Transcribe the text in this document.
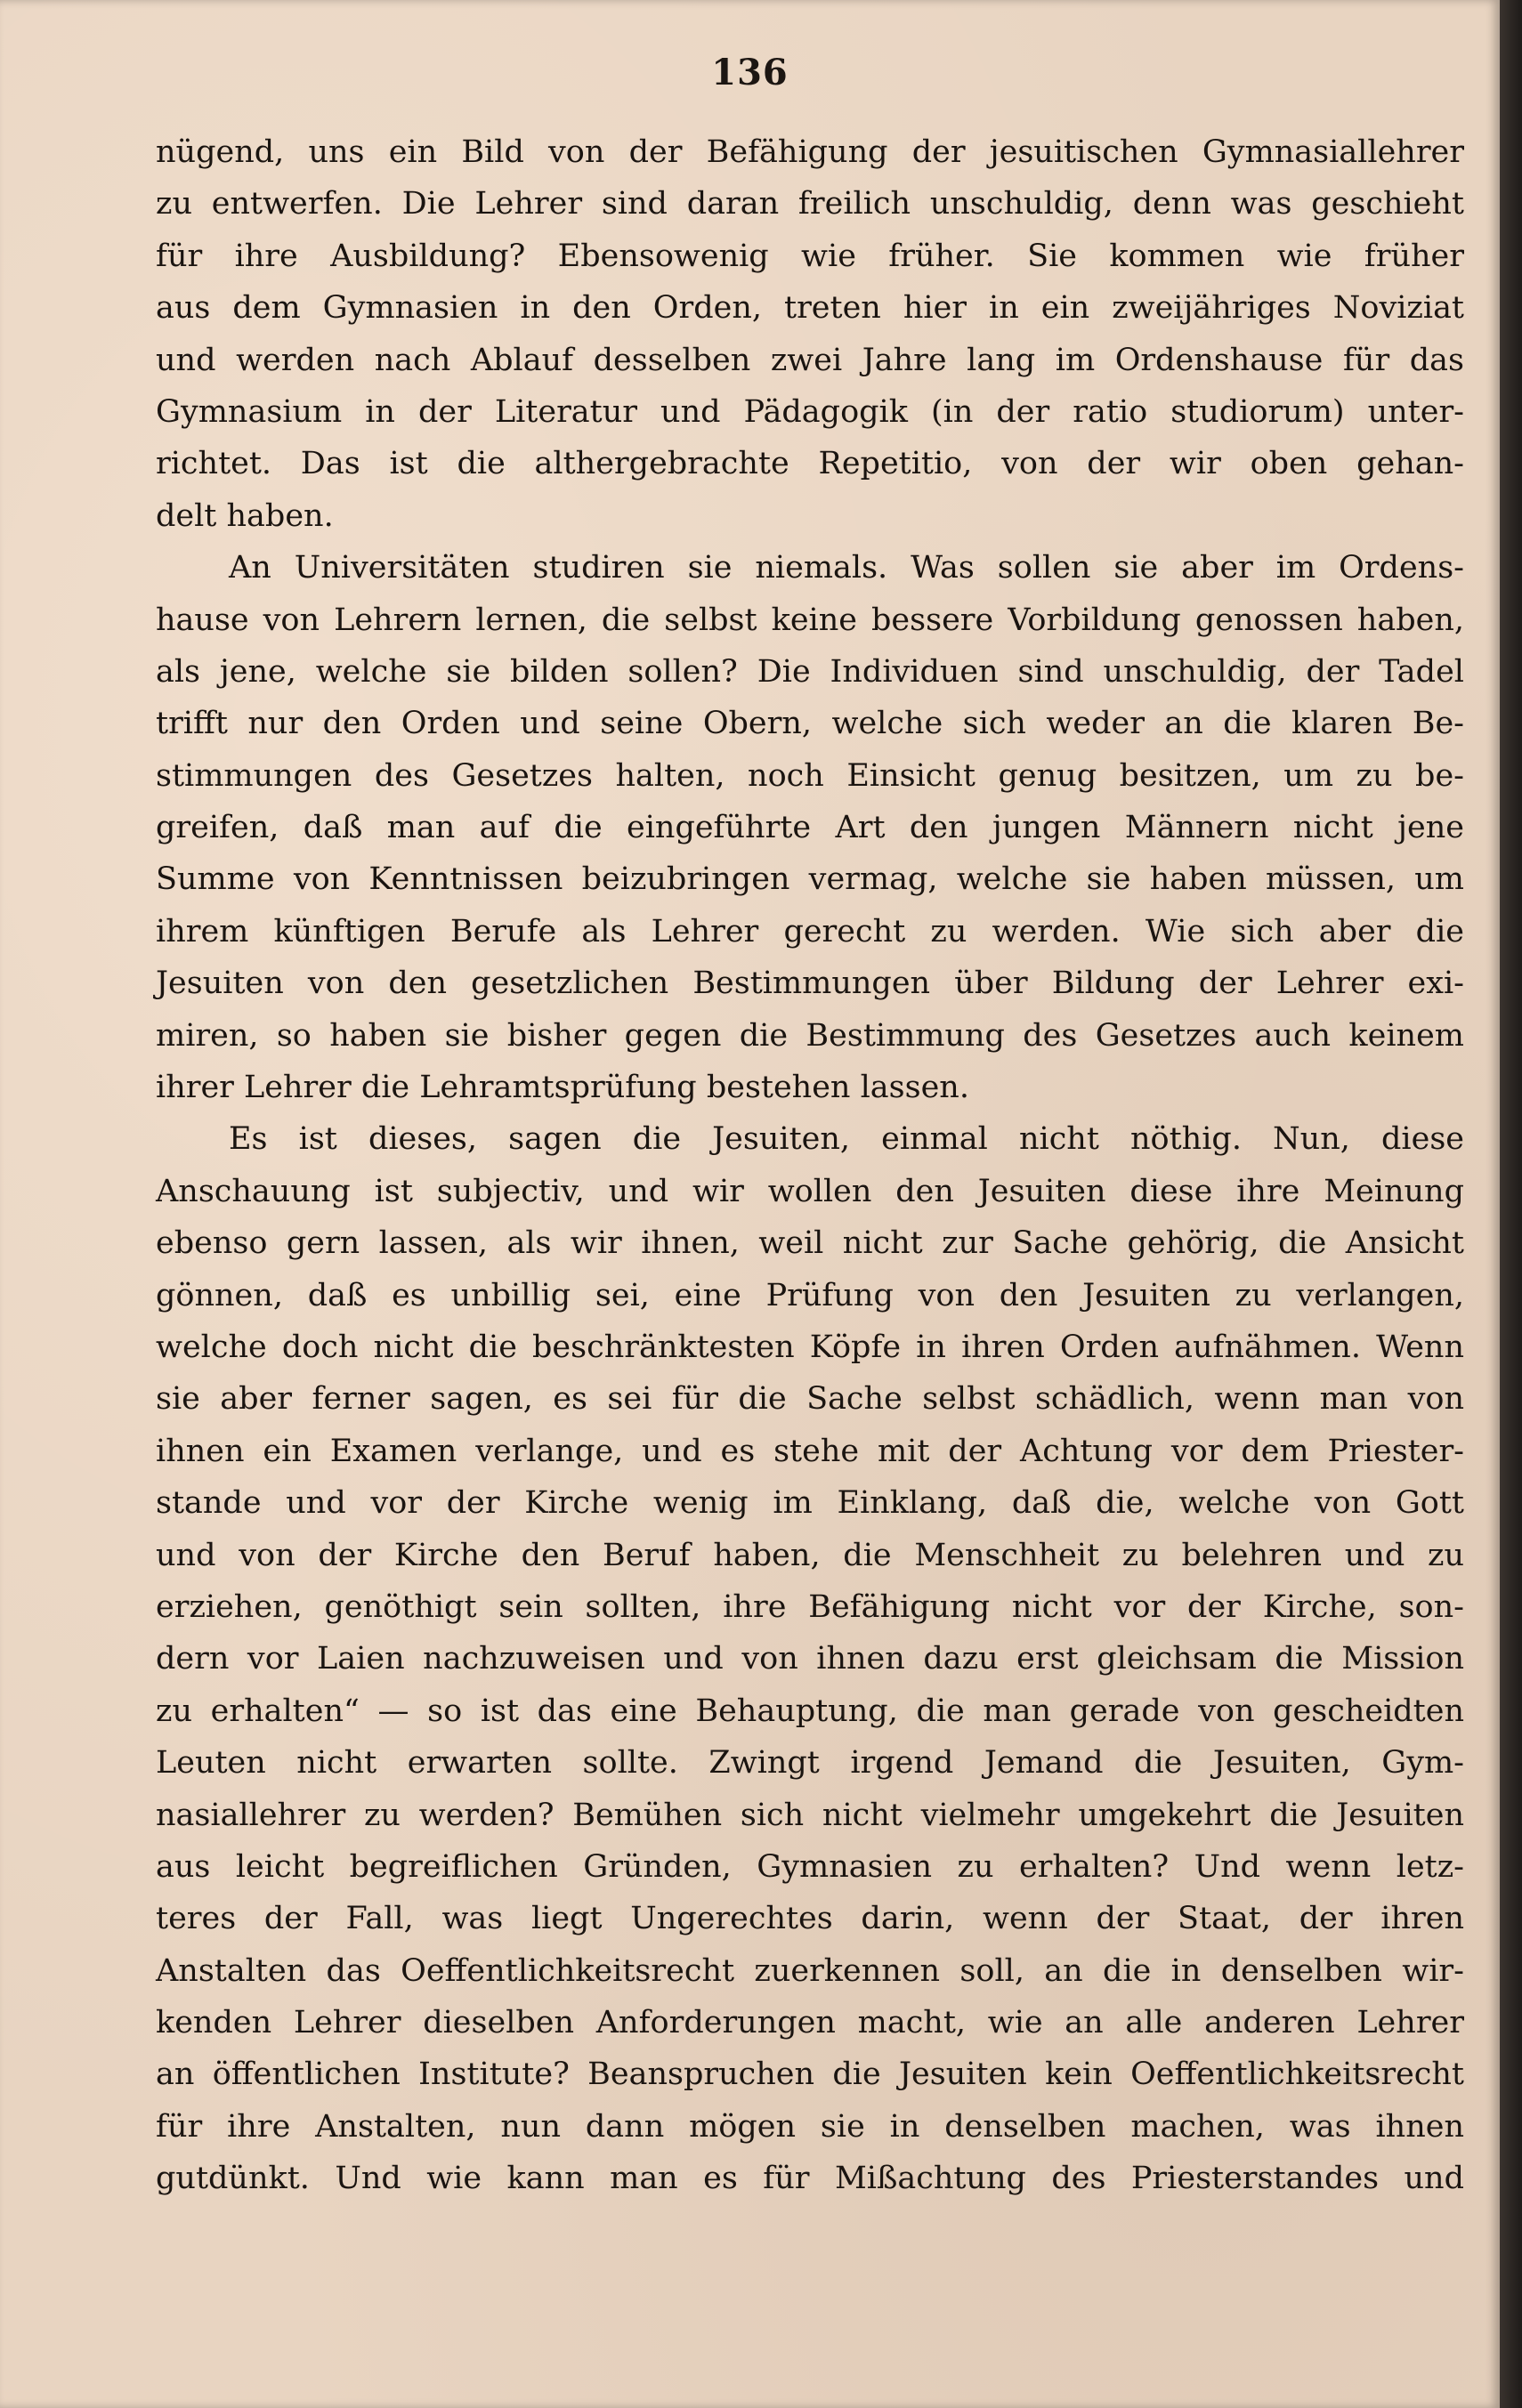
136
nügend, uns ein Bild von der Befähigung der jesuitischen Gymnasiallehrer
zu entwerfen. Die Lehrer sind daran freilich unschuldig, denn was geschieht
für ihre Ausbildung? Ebensowenig wie früher. Sie kommen wie früher
aus dem Gymnasien in den Orden, treten hier in ein zweijähriges Noviziat
und werden nach Ablauf desselben zwei Jahre lang im Ordenshause für das
Gymnasium in der Literatur und Pädagogik (in der ratio studiorum) unter-
richtet. Das ist die althergebrachte Repetitio, von der wir oben gehan-
delt haben.
An Universitäten studiren sie niemals. Was sollen sie aber im Ordens-
hause von Lehrern lernen, die selbst keine bessere Vorbildung genossen haben,
als jene, welche sie bilden sollen? Die Individuen sind unschuldig, der Tadel
trifft nur den Orden und seine Obern, welche sich weder an die klaren Be-
stimmungen des Gesetzes halten, noch Einsicht genug besitzen, um zu be-
greifen, daß man auf die eingeführte Art den jungen Männern nicht jene
Summe von Kenntnissen beizubringen vermag, welche sie haben müssen, um
ihrem künftigen Berufe als Lehrer gerecht zu werden. Wie sich aber die
Jesuiten von den gesetzlichen Bestimmungen über Bildung der Lehrer exi-
miren, so haben sie bisher gegen die Bestimmung des Gesetzes auch keinem
ihrer Lehrer die Lehramtsprüfung bestehen lassen.
Es ist dieses, sagen die Jesuiten, einmal nicht nöthig. Nun, diese
Anschauung ist subjectiv, und wir wollen den Jesuiten diese ihre Meinung
ebenso gern lassen, als wir ihnen, weil nicht zur Sache gehörig, die Ansicht
gönnen, daß es unbillig sei, eine Prüfung von den Jesuiten zu verlangen,
welche doch nicht die beschränktesten Köpfe in ihren Orden aufnähmen. Wenn
sie aber ferner sagen, es sei für die Sache selbst schädlich, wenn man von
ihnen ein Examen verlange, und es stehe mit der Achtung vor dem Priester-
stande und vor der Kirche wenig im Einklang, daß die, welche von Gott
und von der Kirche den Beruf haben, die Menschheit zu belehren und zu
erziehen, genöthigt sein sollten, ihre Befähigung nicht vor der Kirche, son-
dern vor Laien nachzuweisen und von ihnen dazu erst gleichsam die Mission
zu erhalten“ — so ist das eine Behauptung, die man gerade von gescheidten
Leuten nicht erwarten sollte. Zwingt irgend Jemand die Jesuiten, Gym-
nasiallehrer zu werden? Bemühen sich nicht vielmehr umgekehrt die Jesuiten
aus leicht begreiflichen Gründen, Gymnasien zu erhalten? Und wenn letz-
teres der Fall, was liegt Ungerechtes darin, wenn der Staat, der ihren
Anstalten das Oeffentlichkeitsrecht zuerkennen soll, an die in denselben wir-
kenden Lehrer dieselben Anforderungen macht, wie an alle anderen Lehrer
an öffentlichen Institute? Beanspruchen die Jesuiten kein Oeffentlichkeitsrecht
für ihre Anstalten, nun dann mögen sie in denselben machen, was ihnen
gutdünkt. Und wie kann man es für Mißachtung des Priesterstandes und
